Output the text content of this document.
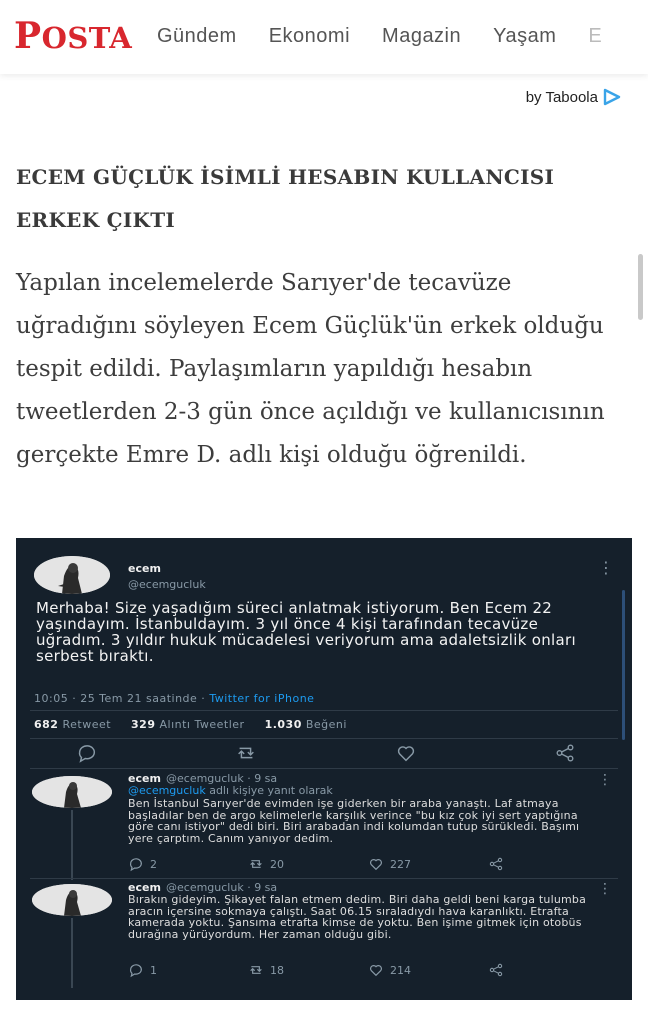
POSTA Gündem Ekonomi Magazin Yaşam E
by Taboola
ECEM GÜÇLÜK İSİMLİ HESABIN KULLANCISI ERKEK ÇIKTI

Yapılan incelemelerde Sarıyer'de tecavüze uğradığını söyleyen Ecem Güçlük'ün erkek olduğu tespit edildi. Paylaşımların yapıldığı hesabın tweetlerden 2-3 gün önce açıldığı ve kullanıcısının gerçekte Emre D. adlı kişi olduğu öğrenildi.

ecem
@ecemgucluk
⋮
Merhaba! Size yaşadığım süreci anlatmak istiyorum. Ben Ecem 22 yaşındayım. İstanbuldayım. 3 yıl önce 4 kişi tarafından tecavüze uğradım. 3 yıldır hukuk mücadelesi veriyorum ama adaletsizlik onları serbest bıraktı.
10:05 · 25 Tem 21 saatinde · Twitter for iPhone
682 Retweet 329 Alıntı Tweetler 1.030 Beğeni
ecem @ecemgucluk · 9 sa	⋮
@ecemgucluk adlı kişiye yanıt olarak
Ben İstanbul Sarıyer'de evimden işe giderken bir araba yanaştı. Laf atmaya başladılar ben de argo kelimelerle karşılık verince "bu kız çok iyi sert yaptığına göre canı istiyor" dedi biri. Biri arabadan indi kolumdan tutup sürükledi. Başımı yere çarptım. Canım yanıyor dedim.
2	20	227
ecem @ecemgucluk · 9 sa	⋮
Bırakın gideyim. Şikayet falan etmem dedim. Biri daha geldi beni karga tulumba aracın içersine sokmaya çalıştı. Saat 06.15 sıraladıydı hava karanlıktı. Etrafta kamerada yoktu. Şansıma etrafta kimse de yoktu. Ben işime gitmek için otobüs durağına yürüyordum. Her zaman olduğu gibi.
1	18	214
